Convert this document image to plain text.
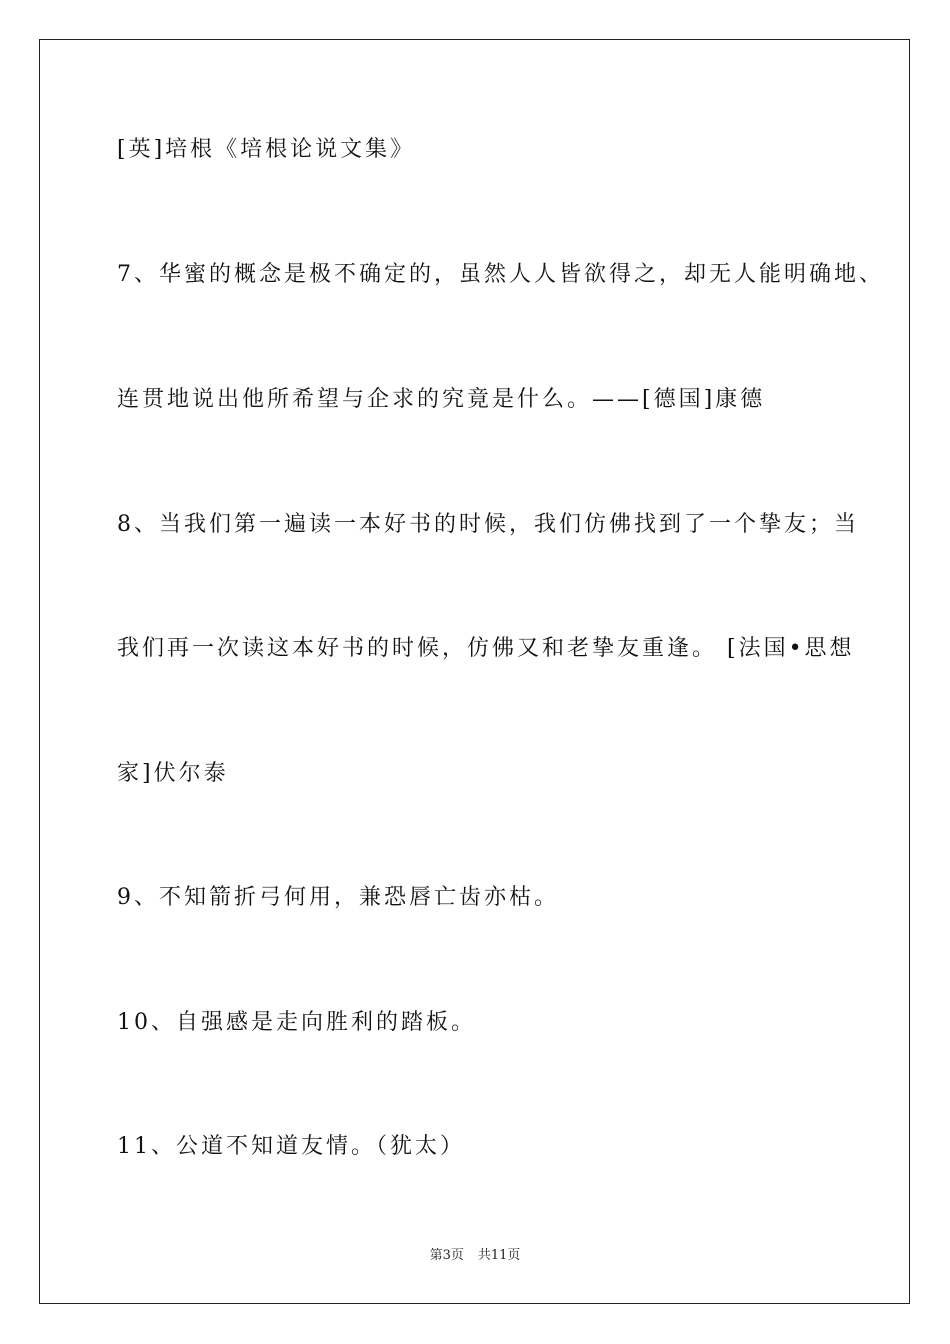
[英]培根《培根论说文集》
7、华蜜的概念是极不确定的，虽然人人皆欲得之，却无人能明确地、
连贯地说出他所希望与企求的究竟是什么。——[德国]康德
8、当我们第一遍读一本好书的时候，我们仿佛找到了一个挚友；当
我们再一次读这本好书的时候，仿佛又和老挚友重逢。 [法国•思想
家]伏尔泰
9、不知箭折弓何用，兼恐唇亡齿亦枯。
10、自强感是走向胜利的踏板。
11、公道不知道友情。（犹太）
第3页 共11页
